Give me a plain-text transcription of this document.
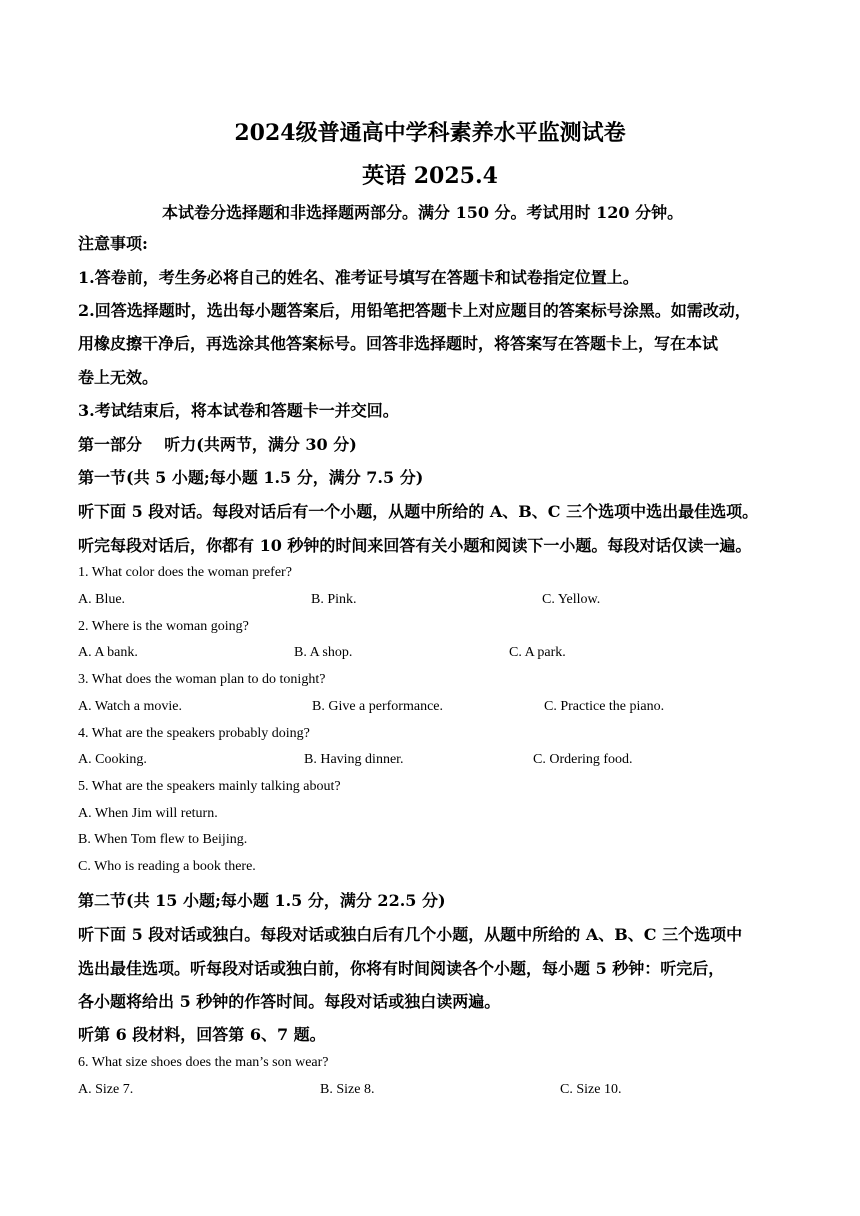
2024级普通高中学科素养水平监测试卷
英语 2025.4
本试卷分选择题和非选择题两部分。满分 150 分。考试用时 120 分钟。
注意事项:
1.答卷前，考生务必将自己的姓名、准考证号填写在答题卡和试卷指定位置上。
2.回答选择题时，选出每小题答案后，用铅笔把答题卡上对应题目的答案标号涂黑。如需改动，
用橡皮擦干净后，再选涂其他答案标号。回答非选择题时，将答案写在答题卡上，写在本试
卷上无效。
3.考试结束后，将本试卷和答题卡一并交回。
第一部分    听力(共两节，满分 30 分)
第一节(共 5 小题;每小题 1.5 分，满分 7.5 分)
听下面 5 段对话。每段对话后有一个小题，从题中所给的 A、B、C 三个选项中选出最佳选项。
听完每段对话后，你都有 10 秒钟的时间来回答有关小题和阅读下一小题。每段对话仅读一遍。
1. What color does the woman prefer?
A. Blue.	B. Pink.	C. Yellow.
2. Where is the woman going?
A. A bank.	B. A shop.	C. A park.
3. What does the woman plan to do tonight?
A. Watch a movie.	B. Give a performance.	C. Practice the piano.
4. What are the speakers probably doing?
A. Cooking.	B. Having dinner.	C. Ordering food.
5. What are the speakers mainly talking about?
A. When Jim will return.
B. When Tom flew to Beijing.
C. Who is reading a book there.
第二节(共 15 小题;每小题 1.5 分，满分 22.5 分)
听下面 5 段对话或独白。每段对话或独白后有几个小题，从题中所给的 A、B、C 三个选项中
选出最佳选项。听每段对话或独白前，你将有时间阅读各个小题，每小题 5 秒钟：听完后，
各小题将给出 5 秒钟的作答时间。每段对话或独白读两遍。
听第 6 段材料，回答第 6、7 题。
6. What size shoes does the man’s son wear?
A. Size 7.	B. Size 8.	C. Size 10.
